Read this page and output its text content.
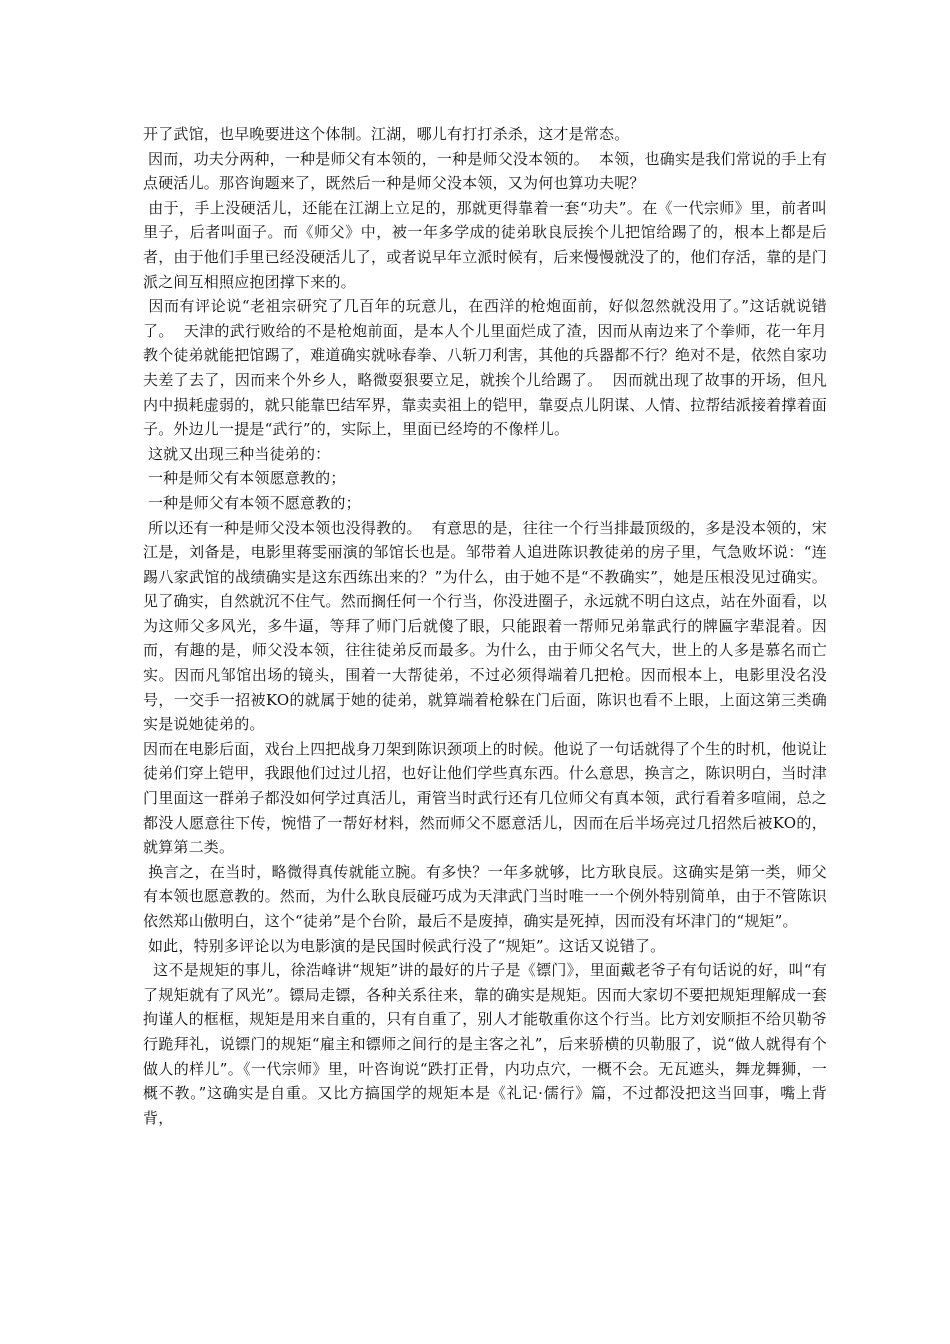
开了武馆，也早晚要进这个体制。江湖，哪儿有打打杀杀，这才是常态。

因而，功夫分两种，一种是师父有本领的，一种是师父没本领的。  本领，也确实是我们常说的手上有点硬活儿。那咨询题来了，既然后一种是师父没本领，又为何也算功夫呢？

由于，手上没硬活儿，还能在江湖上立足的，那就更得靠着一套“功夫”。在《一代宗师》里，前者叫里子，后者叫面子。而《师父》中，被一年多学成的徒弟耿良辰挨个儿把馆给踢了的，根本上都是后者，由于他们手里已经没硬活儿了，或者说早年立派时候有，后来慢慢就没了的，他们存活，靠的是门派之间互相照应抱团撑下来的。

因而有评论说“老祖宗研究了几百年的玩意儿，在西洋的枪炮面前，好似忽然就没用了。”这话就说错了。  天津的武行败给的不是枪炮前面，是本人个儿里面烂成了渣，因而从南边来了个拳师，花一年月教个徒弟就能把馆踢了，难道确实就咏春拳、八斩刀利害，其他的兵器都不行？绝对不是，依然自家功夫差了去了，因而来个外乡人，略微耍狠要立足，就挨个儿给踢了。  因而就出现了故事的开场，但凡内中损耗虚弱的，就只能靠巴结军界，靠卖卖祖上的铠甲，靠耍点儿阴谋、人情、拉帮结派接着撑着面子。外边儿一提是“武行”的，实际上，里面已经垮的不像样儿。

这就又出现三种当徒弟的：

一种是师父有本领愿意教的；

一种是师父有本领不愿意教的；

所以还有一种是师父没本领也没得教的。  有意思的是，往往一个行当排最顶级的，多是没本领的，宋江是，刘备是，电影里蒋雯丽演的邹馆长也是。邹带着人追进陈识教徒弟的房子里，气急败坏说：“连踢八家武馆的战绩确实是这东西练出来的？”为什么，由于她不是“不教确实”，她是压根没见过确实。见了确实，自然就沉不住气。然而搁任何一个行当，你没进圈子，永远就不明白这点，站在外面看，以为这师父多风光，多牛逼，等拜了师门后就傻了眼，只能跟着一帮师兄弟靠武行的牌匾字辈混着。因而，有趣的是，师父没本领，往往徒弟反而最多。为什么，由于师父名气大，世上的人多是慕名而亡实。因而凡邹馆出场的镜头，围着一大帮徒弟，不过必须得端着几把枪。因而根本上，电影里没名没号，一交手一招被KO的就属于她的徒弟，就算端着枪躲在门后面，陈识也看不上眼，上面这第三类确实是说她徒弟的。

因而在电影后面，戏台上四把战身刀架到陈识颈项上的时候。他说了一句话就得了个生的时机，他说让徒弟们穿上铠甲，我跟他们过过儿招，也好让他们学些真东西。什么意思，换言之，陈识明白，当时津门里面这一群弟子都没如何学过真活儿，甭管当时武行还有几位师父有真本领，武行看着多喧闹，总之都没人愿意往下传，惋惜了一帮好材料，然而师父不愿意活儿，因而在后半场亮过几招然后被KO的，就算第二类。

换言之，在当时，略微得真传就能立腕。有多快？一年多就够，比方耿良辰。这确实是第一类，师父有本领也愿意教的。然而，为什么耿良辰碰巧成为天津武门当时唯一一个例外特别简单，由于不管陈识依然郑山傲明白，这个“徒弟”是个台阶，最后不是废掉，确实是死掉，因而没有坏津门的“规矩”。

如此，特别多评论以为电影演的是民国时候武行没了“规矩”。这话又说错了。

这不是规矩的事儿，徐浩峰讲“规矩”讲的最好的片子是《镖门》，里面戴老爷子有句话说的好，叫“有了规矩就有了风光”。镖局走镖，各种关系往来，靠的确实是规矩。因而大家切不要把规矩理解成一套拘谨人的框框，规矩是用来自重的，只有自重了，别人才能敬重你这个行当。比方刘安顺拒不给贝勒爷行跪拜礼，说镖门的规矩“雇主和镖师之间行的是主客之礼”，后来骄横的贝勒服了，说“做人就得有个做人的样儿”。《一代宗师》里，叶咨询说“跌打正骨，内功点穴，一概不会。无瓦遮头，舞龙舞狮，一概不教。”这确实是自重。又比方搞国学的规矩本是《礼记·儒行》篇，不过都没把这当回事，嘴上背背，
